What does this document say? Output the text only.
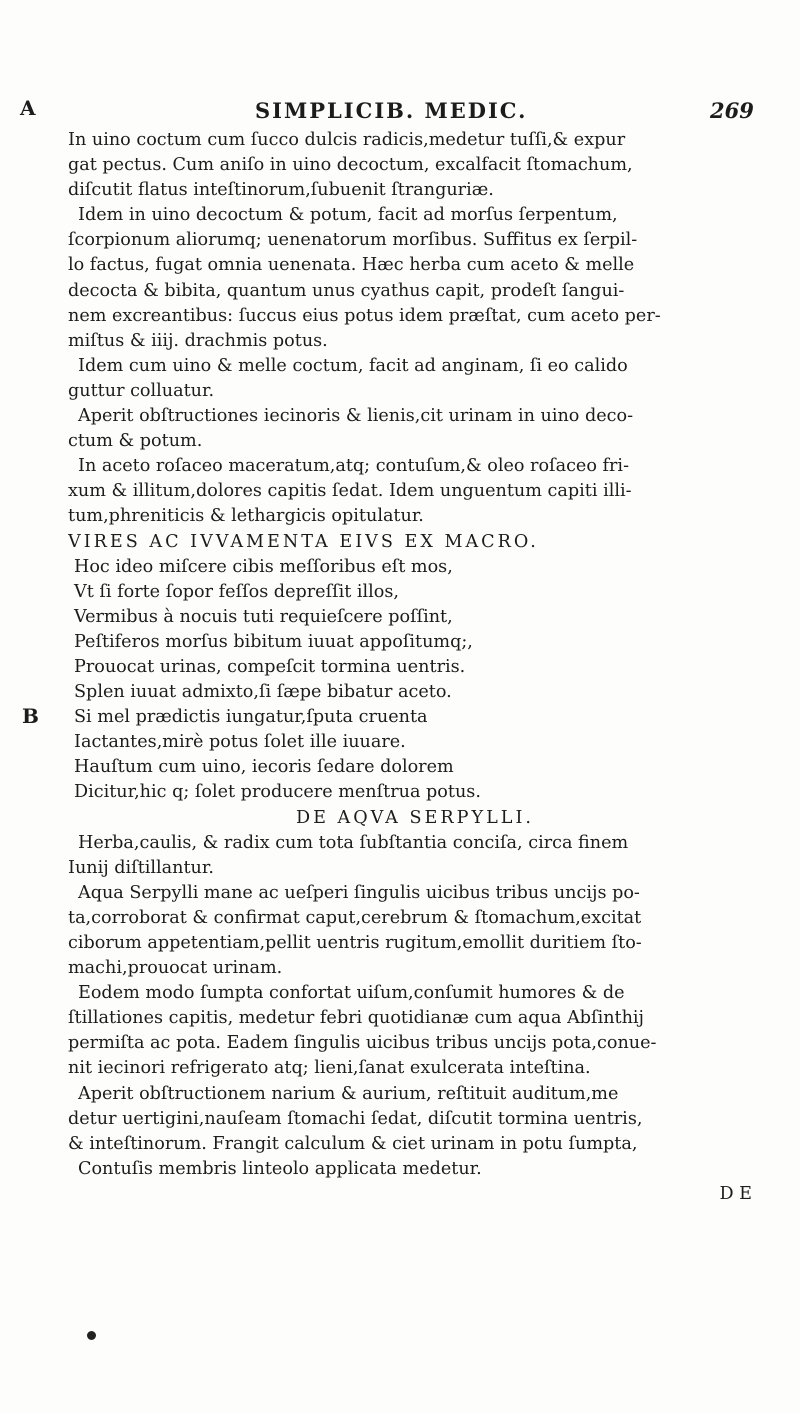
SIMPLICIB. MEDIC.	269
A
B
In uino coctum cum ſucco dulcis radicis,medetur tuſſi,& expur
gat pectus. Cum aniſo in uino decoctum, excalfacit ſtomachum,
diſcutit flatus inteſtinorum,ſubuenit ſtranguriæ.
Idem in uino decoctum & potum, facit ad morſus ſerpentum,
ſcorpionum aliorumq; uenenatorum morſibus. Suffitus ex ſerpil-
lo factus, fugat omnia uenenata. Hæc herba cum aceto & melle
decocta & bibita, quantum unus cyathus capit, prodeſt ſangui-
nem excreantibus: ſuccus eius potus idem præſtat, cum aceto per-
miſtus & iiij. drachmis potus.
Idem cum uino & melle coctum, facit ad anginam, ſi eo calido
guttur colluatur.
Aperit obſtructiones iecinoris & lienis,cit urinam in uino deco-
ctum & potum.
In aceto roſaceo maceratum,atq; contuſum,& oleo roſaceo fri-
xum & illitum,dolores capitis ſedat. Idem unguentum capiti illi-
tum,phreniticis & lethargicis opitulatur.
VIRES AC IVVAMENTA EIVS EX MACRO.
Hoc ideo miſcere cibis meſſoribus eſt mos,
Vt ſi forte ſopor feſſos depreſſit illos,
Vermibus à nocuis tuti requieſcere poſſint,
Peſtiferos morſus bibitum iuuat appoſitumq;,
Prouocat urinas, compeſcit tormina uentris.
Splen iuuat admixto,ſi ſæpe bibatur aceto.
Si mel prædictis iungatur,ſputa cruenta
Iactantes,mirè potus ſolet ille iuuare.
Hauſtum cum uino, iecoris ſedare dolorem
Dicitur,hic q; ſolet producere menſtrua potus.
DE AQVA SERPYLLI.
Herba,caulis, & radix cum tota ſubſtantia conciſa, circa finem
Iunij diſtillantur.
Aqua Serpylli mane ac ueſperi ſingulis uicibus tribus uncijs po-
ta,corroborat & confirmat caput,cerebrum & ſtomachum,excitat
ciborum appetentiam,pellit uentris rugitum,emollit duritiem ſto-
machi,prouocat urinam.
Eodem modo ſumpta confortat uiſum,conſumit humores & de
ſtillationes capitis, medetur febri quotidianæ cum aqua Abſinthij
permiſta ac pota. Eadem ſingulis uicibus tribus uncijs pota,conue-
nit iecinori refrigerato atq; lieni,ſanat exulcerata inteſtina.
Aperit obſtructionem narium & aurium, reſtituit auditum,me
detur uertigini,nauſeam ſtomachi ſedat, diſcutit tormina uentris,
& inteſtinorum. Frangit calculum & ciet urinam in potu ſumpta,
Contuſis membris linteolo applicata medetur.
D E
